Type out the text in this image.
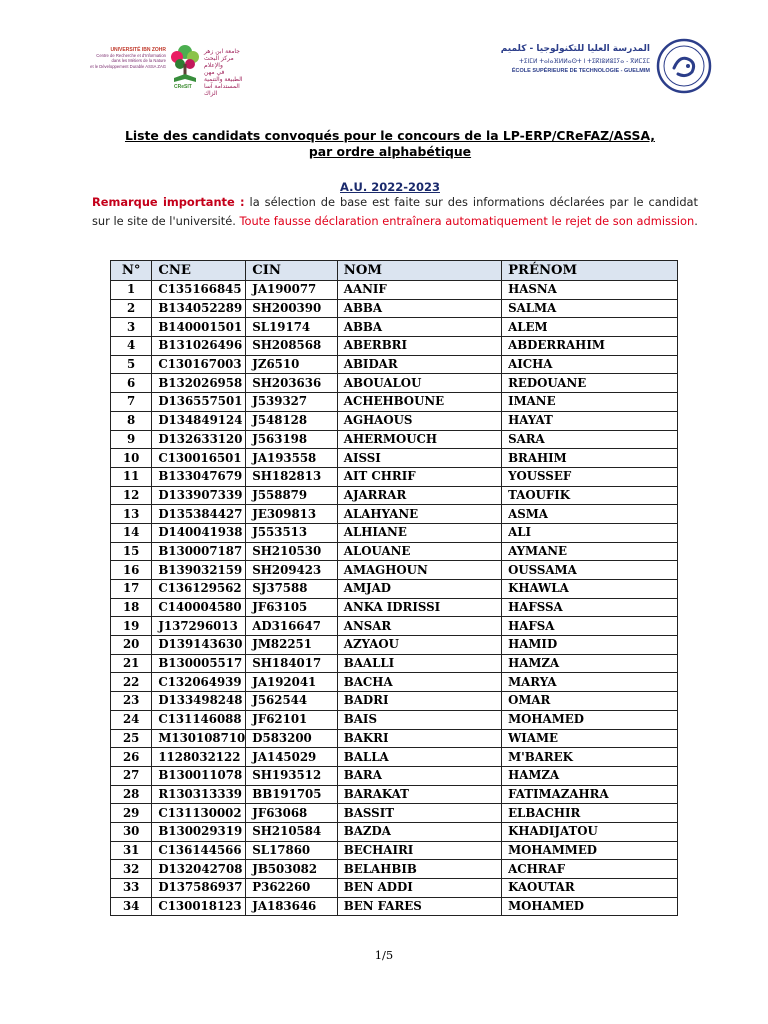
UNIVERSITÉ IBN ZOHR
Centre de Recherche et d'Information
dans les Métiers de la Nature
et le Développement Durable ASSA ZAG
جامعة ابن زهر
مركز البحث والإعلام
في مهن الطبيعة والتنمية
المستدامة آسا الزاك
CReSIT
المدرسة العليا للتكنولوجيا - كلميم
ⵜⵉⵏⵎⵍ ⵜⴰⵏⴰⴼⵍⵍⴰⵙⵜ ⵏ ⵜⵉⴽⵏⵓⵍⵓⵊⵢⴰ - ⴳⵍⵎⵉⵎ
ÉCOLE SUPÉRIEURE DE TECHNOLOGIE - GUELMIM
Liste des candidats convoqués pour le concours de la LP-ERP/CReFAZ/ASSA,
par ordre alphabétique
A.U. 2022-2023
Remarque importante : la sélection de base est faite sur des informations déclarées par le candidat sur le site de l'université. Toute fausse déclaration entraînera automatiquement le rejet de son admission.
N°	CNE	CIN	NOM	PRÉNOM
1	C135166845	JA190077	AANIF	HASNA
2	B134052289	SH200390	ABBA	SALMA
3	B140001501	SL19174	ABBA	ALEM
4	B131026496	SH208568	ABERBRI	ABDERRAHIM
5	C130167003	JZ6510	ABIDAR	AICHA
6	B132026958	SH203636	ABOUALOU	REDOUANE
7	D136557501	J539327	ACHEHBOUNE	IMANE
8	D134849124	J548128	AGHAOUS	HAYAT
9	D132633120	J563198	AHERMOUCH	SARA
10	C130016501	JA193558	AISSI	BRAHIM
11	B133047679	SH182813	AIT CHRIF	YOUSSEF
12	D133907339	J558879	AJARRAR	TAOUFIK
13	D135384427	JE309813	ALAHYANE	ASMA
14	D140041938	J553513	ALHIANE	ALI
15	B130007187	SH210530	ALOUANE	AYMANE
16	B139032159	SH209423	AMAGHOUN	OUSSAMA
17	C136129562	SJ37588	AMJAD	KHAWLA
18	C140004580	JF63105	ANKA IDRISSI	HAFSSA
19	J137296013	AD316647	ANSAR	HAFSA
20	D139143630	JM82251	AZYAOU	HAMID
21	B130005517	SH184017	BAALLI	HAMZA
22	C132064939	JA192041	BACHA	MARYA
23	D133498248	J562544	BADRI	OMAR
24	C131146088	JF62101	BAIS	MOHAMED
25	M130108710	D583200	BAKRI	WIAME
26	1128032122	JA145029	BALLA	M'BAREK
27	B130011078	SH193512	BARA	HAMZA
28	R130313339	BB191705	BARAKAT	FATIMAZAHRA
29	C131130002	JF63068	BASSIT	ELBACHIR
30	B130029319	SH210584	BAZDA	KHADIJATOU
31	C136144566	SL17860	BECHAIRI	MOHAMMED
32	D132042708	JB503082	BELAHBIB	ACHRAF
33	D137586937	P362260	BEN ADDI	KAOUTAR
34	C130018123	JA183646	BEN FARES	MOHAMED
1/5
